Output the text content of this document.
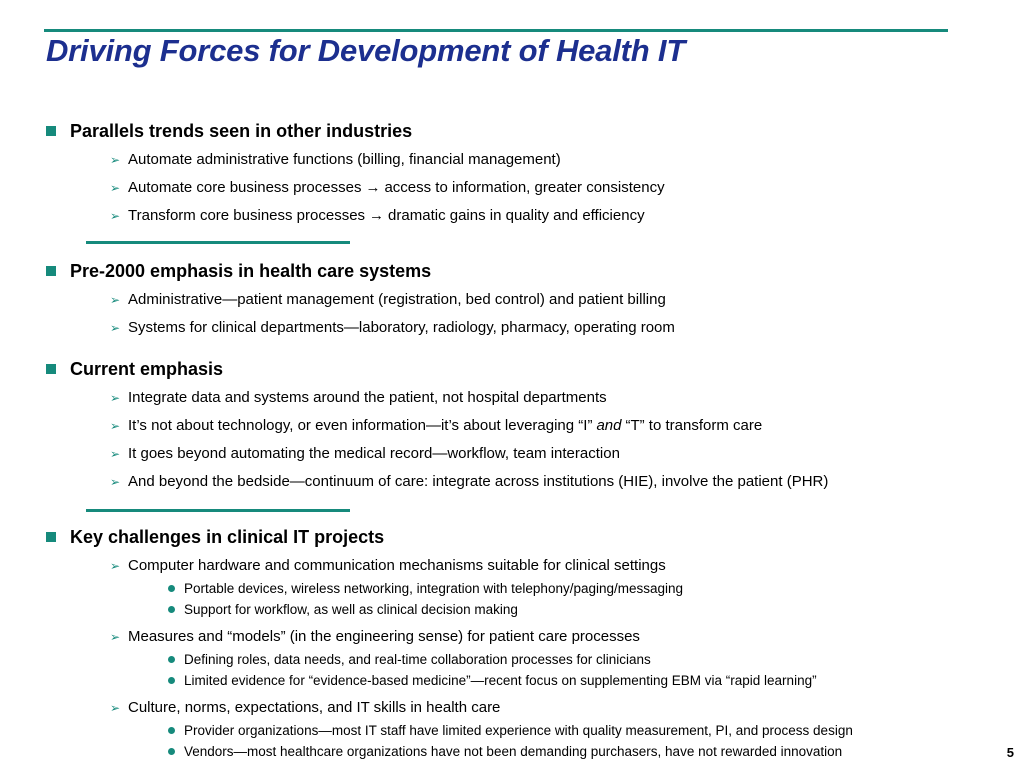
Driving Forces for Development of Health IT
Parallels trends seen in other industries
➢ Automate administrative functions (billing, financial management)
➢ Automate core business processes → access to information, greater consistency
➢ Transform core business processes → dramatic gains in quality and efficiency
Pre-2000 emphasis in health care systems
➢ Administrative—patient management (registration, bed control) and patient billing
➢ Systems for clinical departments—laboratory, radiology, pharmacy, operating room
Current emphasis
➢ Integrate data and systems around the patient, not hospital departments
➢ It’s not about technology, or even information—it’s about leveraging “I” and “T” to transform care
➢ It goes beyond automating the medical record—workflow, team interaction
➢ And beyond the bedside—continuum of care: integrate across institutions (HIE), involve the patient (PHR)
Key challenges in clinical IT projects
➢ Computer hardware and communication mechanisms suitable for clinical settings
Portable devices, wireless networking, integration with telephony/paging/messaging
Support for workflow, as well as clinical decision making
➢ Measures and “models” (in the engineering sense) for patient care processes
Defining roles, data needs, and real-time collaboration processes for clinicians
Limited evidence for “evidence-based medicine”—recent focus on supplementing EBM via “rapid learning”
➢ Culture, norms, expectations, and IT skills in health care
Provider organizations—most IT staff have limited experience with quality measurement, PI, and process design
Vendors—most healthcare organizations have not been demanding purchasers, have not rewarded innovation	5
